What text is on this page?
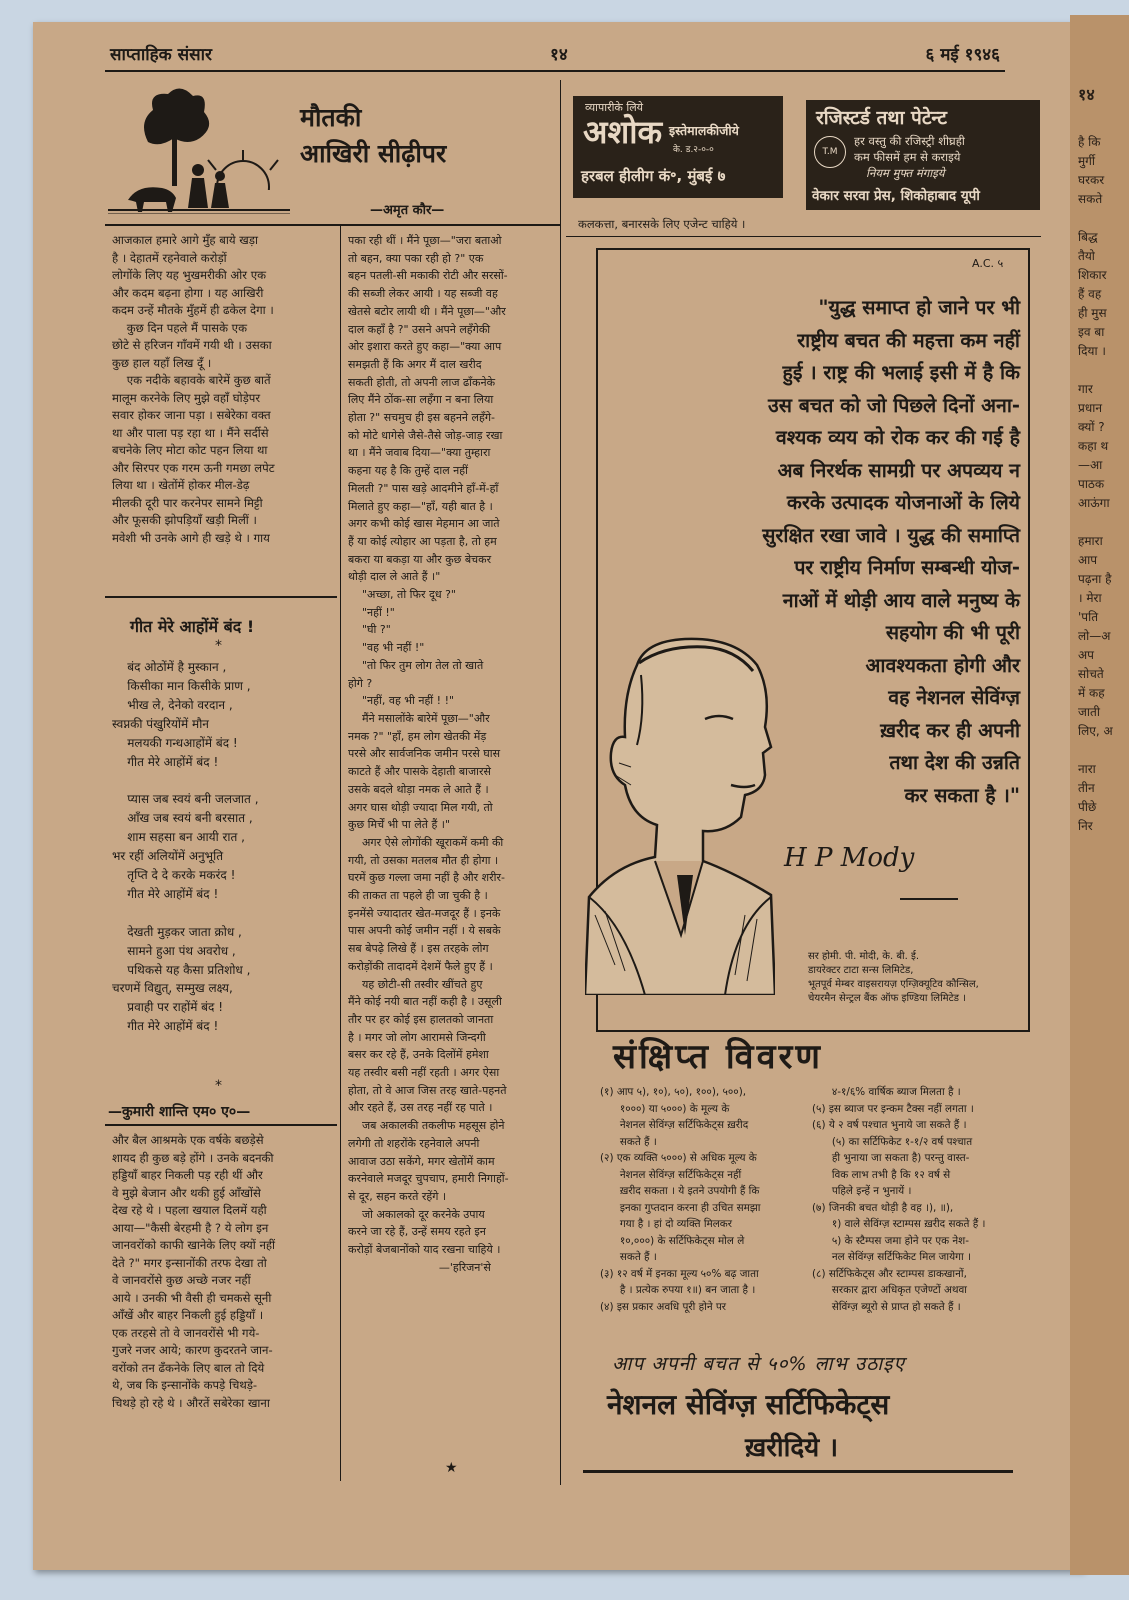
१४
है कि
मुर्गी
घरकर
सकते
बिद्ध
तैयो
शिकार
हैं वह
ही मुस
इव बा
दिया ।
गार
प्रधान
क्यों ?
कहा थ
—आ
पाठक
आऊंगा
हमारा
आप
पढ़ना है
। मेरा
'पति
लो—अ
अप
सोचते
में कह
जाती
लिए, अ
नारा
तीन
पीछे
निर
साप्ताहिक संसार	१४	६ मई १९४६
मौतकी
आखिरी सीढ़ीपर
—अमृत कौर—
आजकाल हमारे आगे मुँह बाये खड़ा
है । देहातमें रहनेवाले करोड़ों
लोगोंके लिए यह भुखमरीकी ओर एक
और कदम बढ़ना होगा । यह आखिरी
कदम उन्हें मौतके मुँहमें ही ढकेल देगा ।
कुछ दिन पहले मैं पासके एक
छोटे से हरिजन गाँवमें गयी थी । उसका
कुछ हाल यहाँ लिख दूँ ।
एक नदीके बहावके बारेमें कुछ बातें
मालूम करनेके लिए मुझे वहाँ घोड़ेपर
सवार होकर जाना पड़ा । सबेरेका वक्त
था और पाला पड़ रहा था । मैंने सर्दीसे
बचनेके लिए मोटा कोट पहन लिया था
और सिरपर एक गरम ऊनी गमछा लपेट
लिया था । खेतोंमें होकर मील-डेढ़
मीलकी दूरी पार करनेपर सामने मिट्टी
और फूसकी झोपड़ियाँ खड़ी मिलीं ।
मवेशी भी उनके आगे ही खड़े थे । गाय
गीत मेरे आहोंमें बंद !
*
बंद ओठोंमें है मुस्कान ,
किसीका मान किसीके प्राण ,
भीख ले, देनेको वरदान ,
स्वप्नकी पंखुरियोंमें मौन
मलयकी गन्धआहोंमें बंद !
गीत मेरे आहोंमें बंद !

प्यास जब स्वयं बनी जलजात ,
आँख जब स्वयं बनी बरसात ,
शाम सहसा बन आयी रात ,
भर रहीं अलियोंमें अनुभूति
तृप्ति दे दे करके मकरंद !
गीत मेरे आहोंमें बंद !

देखती मुड़कर जाता क्रोध ,
सामने हुआ पंथ अवरोध ,
पथिकसे यह कैसा प्रतिशोध ,
चरणमें विद्युत्, सम्मुख लक्ष्य,
प्रवाही पर राहोंमें बंद !
गीत मेरे आहोंमें बंद !
*
—कुमारी शान्ति एम० ए०—
और बैल आश्रमके एक वर्षके बछड़ेसे
शायद ही कुछ बड़े होंगे । उनके बदनकी
हड्डियाँ बाहर निकली पड़ रही थीं और
वे मुझे बेजान और थकी हुई आँखोंसे
देख रहे थे । पहला खयाल दिलमें यही
आया—"कैसी बेरहमी है ? ये लोग इन
जानवरोंको काफी खानेके लिए क्यों नहीं
देते ?" मगर इन्सानोंकी तरफ देखा तो
वे जानवरोंसे कुछ अच्छे नजर नहीं
आये । उनकी भी वैसी ही चमकसे सूनी
आँखें और बाहर निकली हुई हड्डियाँ ।
एक तरहसे तो वे जानवरोंसे भी गये-
गुजरे नजर आये; कारण कुदरतने जान-
वरोंको तन ढँकनेके लिए बाल तो दिये
थे, जब कि इन्सानोंके कपड़े चिथड़े-
चिथड़े हो रहे थे । औरतें सबेरेका खाना
पका रही थीं । मैंने पूछा—"जरा बताओ
तो बहन, क्या पका रही हो ?" एक
बहन पतली-सी मकाकी रोटी और सरसों-
की सब्जी लेकर आयी । यह सब्जी वह
खेतसे बटोर लायी थी । मैंने पूछा—"और
दाल कहाँ है ?" उसने अपने लहँगेकी
ओर इशारा करते हुए कहा—"क्या आप
समझती हैं कि अगर मैं दाल खरीद
सकती होती, तो अपनी लाज ढाँकनेके
लिए मैंने ठोंक-सा लहँगा न बना लिया
होता ?" सचमुच ही इस बहनने लहँगे-
को मोटे धागेसे जैसे-तैसे जोड़-जाड़ रखा
था । मैंने जवाब दिया—"क्या तुम्हारा
कहना यह है कि तुम्हें दाल नहीं
मिलती ?" पास खड़े आदमीने हाँ-में-हाँ
मिलाते हुए कहा—"हाँ, यही बात है ।
अगर कभी कोई खास मेहमान आ जाते
हैं या कोई त्योहार आ पड़ता है, तो हम
बकरा या बकड़ा या और कुछ बेचकर
थोड़ी दाल ले आते हैं ।"
"अच्छा, तो फिर दूध ?"
"नहीं !"
"घी ?"
"वह भी नहीं !"
"तो फिर तुम लोग तेल तो खाते
होगे ?
"नहीं, वह भी नहीं ! !"
मैंने मसालोंके बारेमें पूछा—"और
नमक ?" "हाँ, हम लोग खेतकी मेंड़
परसे और सार्वजनिक जमीन परसे घास
काटते हैं और पासके देहाती बाजारसे
उसके बदले थोड़ा नमक ले आते हैं ।
अगर घास थोड़ी ज्यादा मिल गयी, तो
कुछ मिर्चें भी पा लेते हैं ।"
अगर ऐसे लोगोंकी खूराकमें कमी की
गयी, तो उसका मतलब मौत ही होगा ।
घरमें कुछ गल्ला जमा नहीं है और शरीर-
की ताकत ता पहले ही जा चुकी है ।
इनमेंसे ज्यादातर खेत-मजदूर हैं । इनके
पास अपनी कोई जमीन नहीं । ये सबके
सब बेपढ़े लिखे हैं । इस तरहके लोग
करोड़ोंकी तादादमें देशमें फैले हुए हैं ।
यह छोटी-सी तस्वीर खींचते हुए
मैंने कोई नयी बात नहीं कही है । उसूली
तौर पर हर कोई इस हालतको जानता
है । मगर जो लोग आरामसे जिन्दगी
बसर कर रहे हैं, उनके दिलोंमें हमेशा
यह तस्वीर बसी नहीं रहती । अगर ऐसा
होता, तो वे आज जिस तरह खाते-पहनते
और रहते हैं, उस तरह नहीं रह पाते ।
जब अकालकी तकलीफ महसूस होने
लगेगी तो शहरोंके रहनेवाले अपनी
आवाज उठा सकेंगे, मगर खेतोंमें काम
करनेवाले मजदूर चुपचाप, हमारी निगाहों-
से दूर, सहन करते रहेंगे ।
जो अकालको दूर करनेके उपाय
करने जा रहे हैं, उन्हें समय रहते इन
करोड़ों बेजबानोंको याद रखना चाहिये ।
—'हरिजन'से
★
व्यापारीके लिये
अशोक इस्तेमालकीजीये
के. ड.२-०-०
हरबल हीलीग कं॰, मुंबई ७
कलकत्ता, बनारसके लिए एजेन्ट चाहिये ।
रजिस्टर्ड तथा पेटेन्ट
T.M
हर वस्तु की रजिस्ट्री शीघ्रही
कम फीसमें हम से कराइये
नियम मुफ्त मंगाइये
वेकार सरवा प्रेस, शिकोहाबाद यूपी
A.C. ५
"युद्ध समाप्त हो जाने पर भी
राष्ट्रीय बचत की महत्ता कम नहीं
हुई । राष्ट्र की भलाई इसी में है कि
उस बचत को जो पिछले दिनों अना-
वश्यक व्यय को रोक कर की गई है
अब निरर्थक सामग्री पर अपव्यय न
करके उत्पादक योजनाओं के लिये
सुरक्षित रखा जावे । युद्ध की समाप्ति
पर राष्ट्रीय निर्माण सम्बन्धी योज-
नाओं में थोड़ी आय वाले मनुष्य के
सहयोग की भी पूरी
आवश्यकता होगी और
वह नेशनल सेविंग्ज़
ख़रीद कर ही अपनी
तथा देश की उन्नति
कर सकता है ।"
H P Mody
सर होमी. पी. मोदी, के. बी. ई.
डायरेक्टर टाटा सन्स लिमिटेड,
भूतपूर्व मेम्बर वाइसरायज़ एग्ज़िक्यूटिव कौन्सिल,
चेयरमैन सेन्ट्रल बैंक ऑफ इण्डिया लिमिटेड ।
संक्षिप्त विवरण
(१) आप ५), १०), ५०), १००), ५००),
१०००) या ५०००) के मूल्य के
नेशनल सेविंग्ज़ सर्टिफिकेट्स ख़रीद
सकते हैं ।
(२) एक व्यक्ति ५०००) से अधिक मूल्य के
नेशनल सेविंग्ज़ सर्टिफिकेट्स नहीं
ख़रीद सकता । ये इतने उपयोगी हैं कि
इनका गुप्तदान करना ही उचित समझा
गया है । हां दो व्यक्ति मिलकर
१०,०००) के सर्टिफिकेट्स मोल ले
सकते हैं ।
(३) १२ वर्ष में इनका मूल्य ५०% बढ़ जाता
है । प्रत्येक रुपया १॥) बन जाता है ।
(४) इस प्रकार अवधि पूरी होने पर
४-१/६% वार्षिक ब्याज मिलता है ।
(५) इस ब्याज पर इन्कम टैक्स नहीं लगता ।
(६) ये २ वर्ष पश्चात भुनाये जा सकते हैं ।
(५) का सर्टिफिकेट १-१/२ वर्ष पश्चात
ही भुनाया जा सकता है) परन्तु वास्त-
विक लाभ तभी है कि १२ वर्ष से
पहिले इन्हें न भुनायें ।
(७) जिनकी बचत थोड़ी है वह ।), ॥),
१) वाले सेविंग्ज़ स्टाम्पस ख़रीद सकते हैं ।
५) के स्टैम्पस जमा होने पर एक नेश-
नल सेविंग्ज़ सर्टिफिकेट मिल जायेगा ।
(८) सर्टिफिकेट्स और स्टाम्पस डाकखानों,
सरकार द्वारा अधिकृत एजेण्टों अथवा
सेविंग्ज़ ब्यूरो से प्राप्त हो सकते हैं ।
आप अपनी बचत से ५०% लाभ उठाइए
नेशनल सेविंग्ज़ सर्टिफिकेट्स
ख़रीदिये ।
